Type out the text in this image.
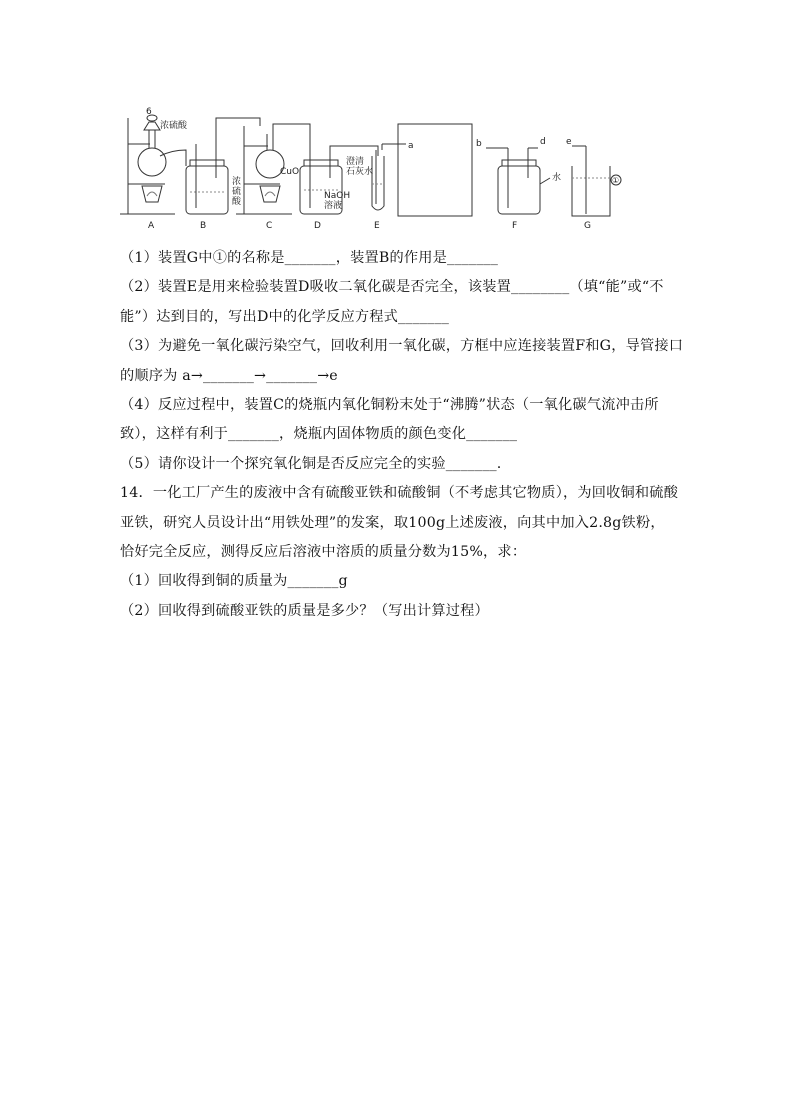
6
浓硫酸
CuO
NaOH 溶液
澄清石灰水
浓硫酸
a	b	d e
水	①
A	B	C	D	E	F	G
（1）装置G中①的名称是_______，装置B的作用是_______
（2）装置E是用来检验装置D吸收二氧化碳是否完全，该装置________（填“能”或“不
能”）达到目的，写出D中的化学反应方程式_______
（3）为避免一氧化碳污染空气，回收利用一氧化碳，方框中应连接装置F和G，导管接口
的顺序为 a→_______→_______→e
（4）反应过程中，装置C的烧瓶内氧化铜粉末处于“沸腾”状态（一氧化碳气流冲击所
致），这样有利于_______，烧瓶内固体物质的颜色变化_______
（5）请你设计一个探究氧化铜是否反应完全的实验_______.
14．一化工厂产生的废液中含有硫酸亚铁和硫酸铜（不考虑其它物质），为回收铜和硫酸
亚铁，研究人员设计出“用铁处理”的发案，取100g上述废液，向其中加入2.8g铁粉，
恰好完全反应，测得反应后溶液中溶质的质量分数为15%，求：
（1）回收得到铜的质量为_______g
（2）回收得到硫酸亚铁的质量是多少？（写出计算过程）
